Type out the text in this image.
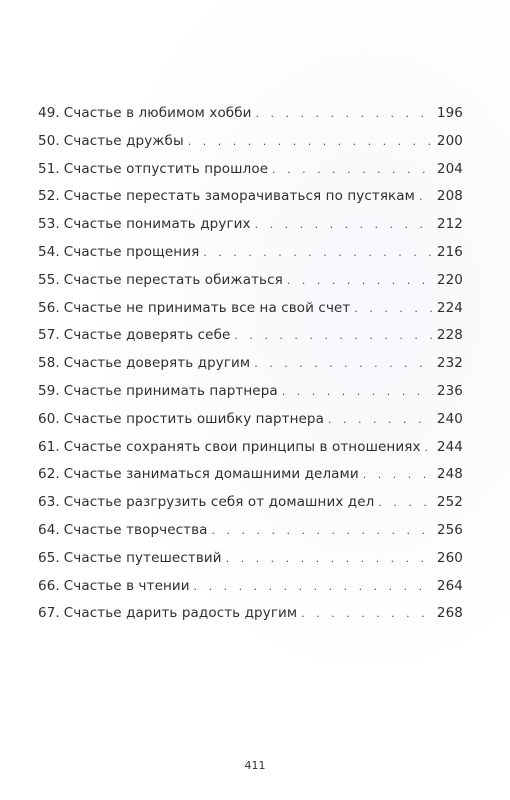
49. Счастье в любимом хобби . . .	196
50. Счастье дружбы . . .	200
51. Счастье отпустить прошлое . . .	204
52. Счастье перестать заморачиваться по пустякам . . . 208
53. Счастье понимать других . . .	212
54. Счастье прощения . . .	216
55. Счастье перестать обижаться . . .	220
56. Счастье не принимать все на свой счет . . .	224
57. Счастье доверять себе . . .	228
58. Счастье доверять другим . . .	232
59. Счастье принимать партнера . . .	236
60. Счастье простить ошибку партнера . . .	240
61. Счастье сохранять свои принципы в отношениях . . . 244
62. Счастье заниматься домашними делами . . .	248
63. Счастье разгрузить себя от домашних дел . . .	252
64. Счастье творчества . . .	256
65. Счастье путешествий . . .	260
66. Счастье в чтении . . .	264
67. Счастье дарить радость другим . . .	268
411
